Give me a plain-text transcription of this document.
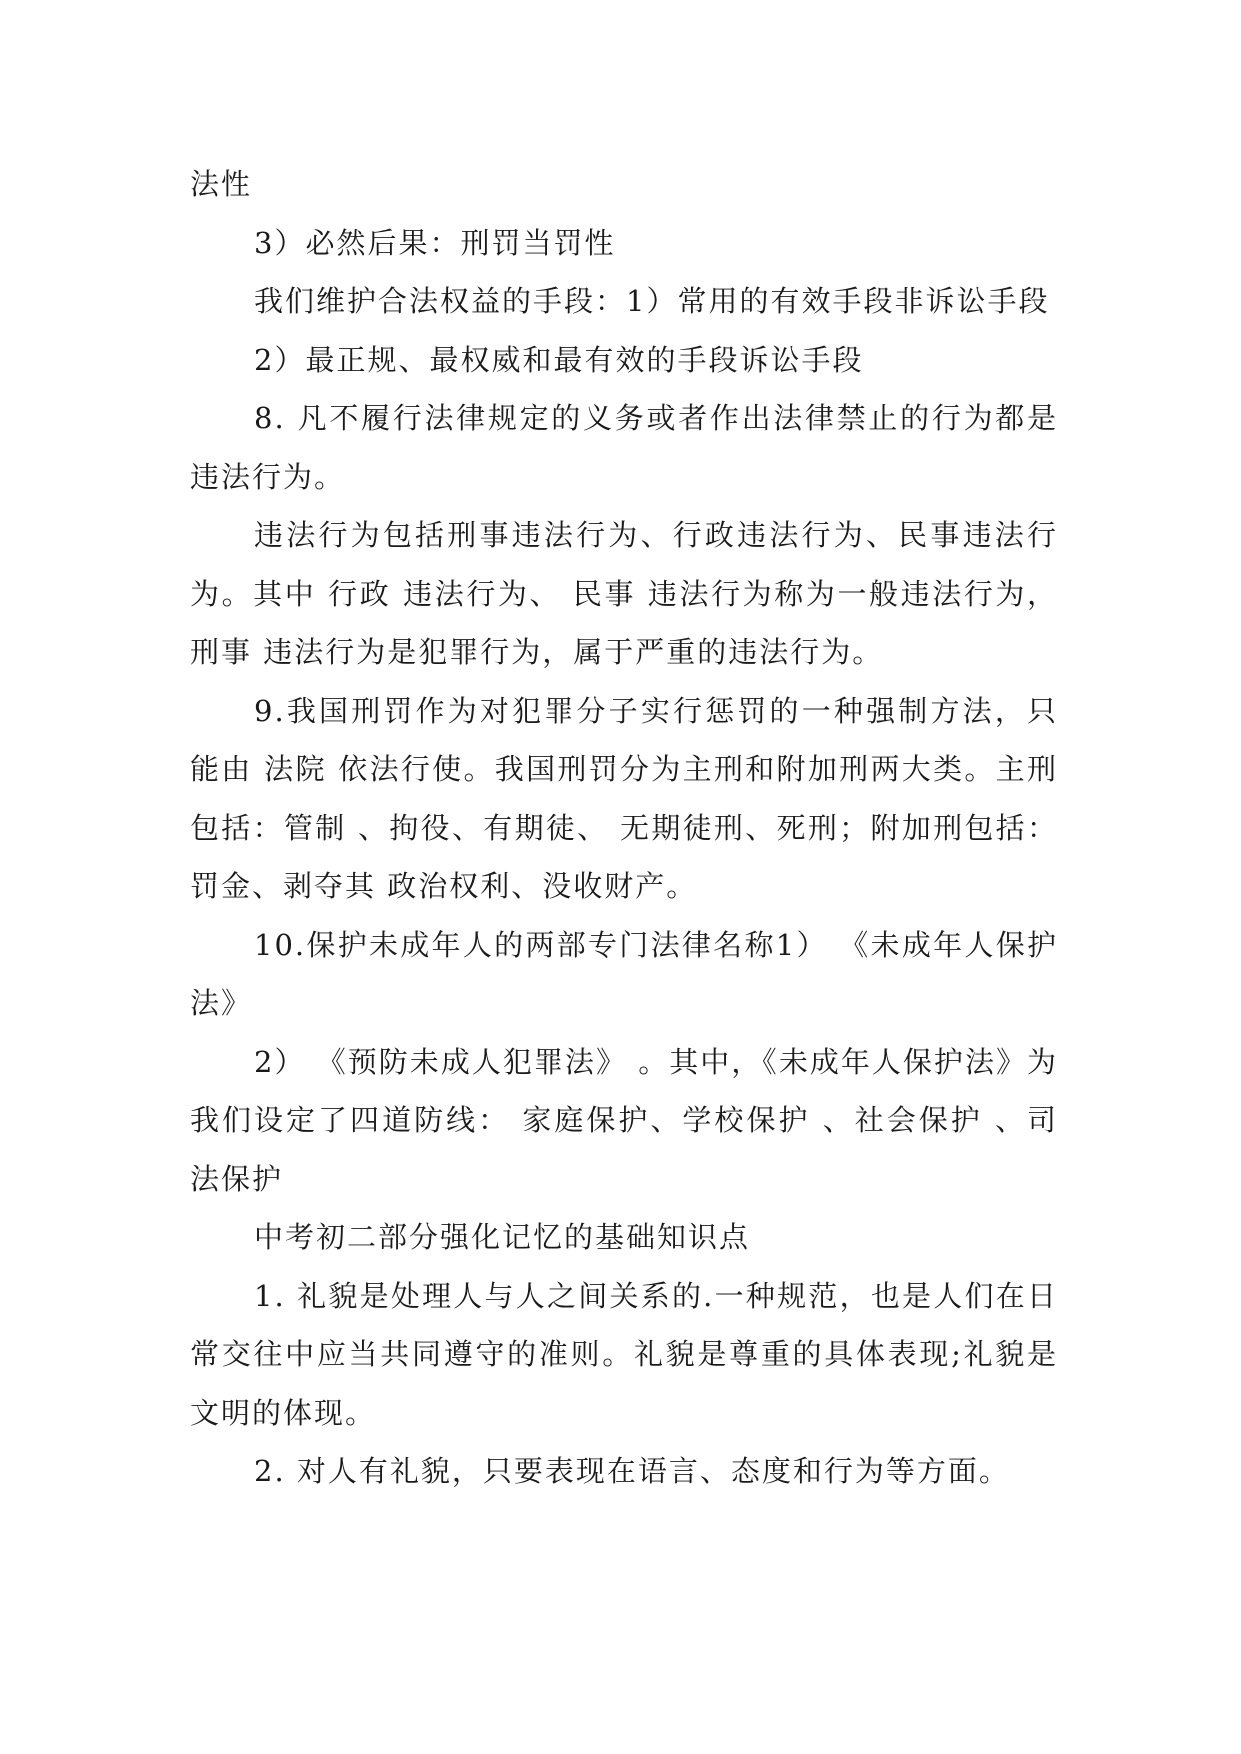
法性

3）必然后果：刑罚当罚性

我们维护合法权益的手段：1）常用的有效手段非诉讼手段

2）最正规、最权威和最有效的手段诉讼手段

8. 凡不履行法律规定的义务或者作出法律禁止的行为都是违法行为。

违法行为包括刑事违法行为、行政违法行为、民事违法行为。其中 行政 违法行为、 民事 违法行为称为一般违法行为，刑事 违法行为是犯罪行为，属于严重的违法行为。

9.我国刑罚作为对犯罪分子实行惩罚的一种强制方法，只能由 法院 依法行使。我国刑罚分为主刑和附加刑两大类。主刑包括：管制 、拘役、有期徒、 无期徒刑、死刑；附加刑包括：罚金、剥夺其 政治权利、没收财产。

10.保护未成年人的两部专门法律名称1） 《未成年人保护法》

2） 《预防未成人犯罪法》 。其中，《未成年人保护法》为我们设定了四道防线： 家庭保护、学校保护 、社会保护 、司法保护

中考初二部分强化记忆的基础知识点

1. 礼貌是处理人与人之间关系的.一种规范，也是人们在日常交往中应当共同遵守的准则。礼貌是尊重的具体表现;礼貌是文明的体现。

2. 对人有礼貌，只要表现在语言、态度和行为等方面。
